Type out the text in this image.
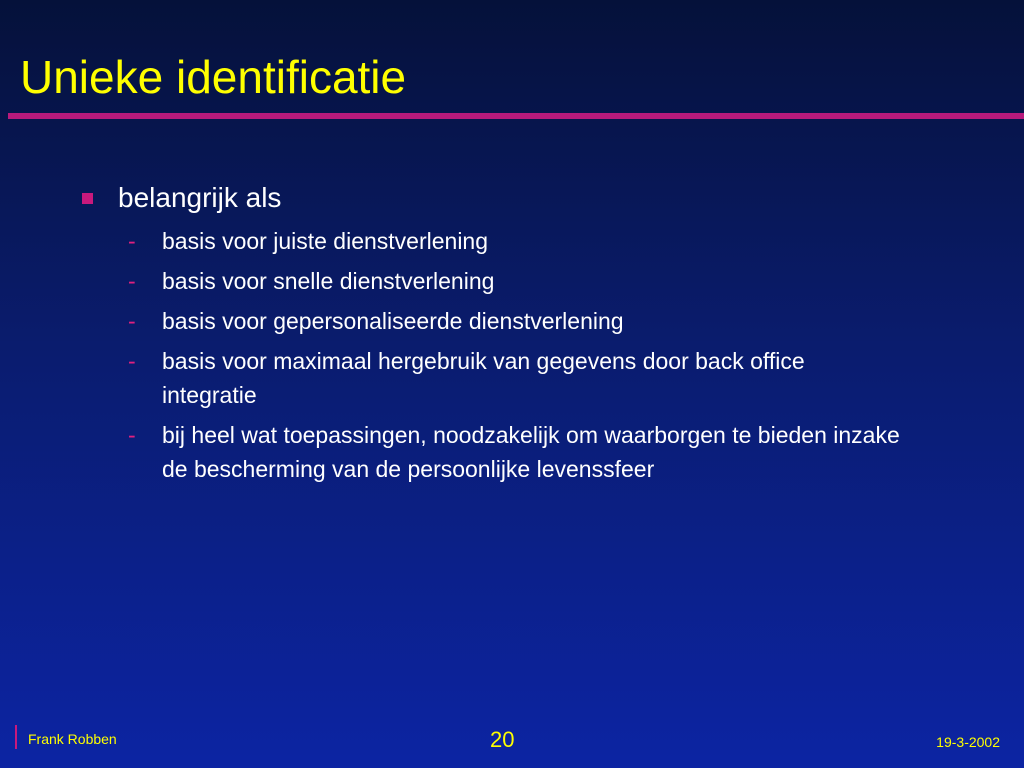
Unieke identificatie
belangrijk als
- basis voor juiste dienstverlening
- basis voor snelle dienstverlening
- basis voor gepersonaliseerde dienstverlening
- basis voor maximaal hergebruik van gegevens door back office integratie
- bij heel wat toepassingen, noodzakelijk om waarborgen te bieden inzake de bescherming van de persoonlijke levenssfeer
Frank Robben	20	19-3-2002
